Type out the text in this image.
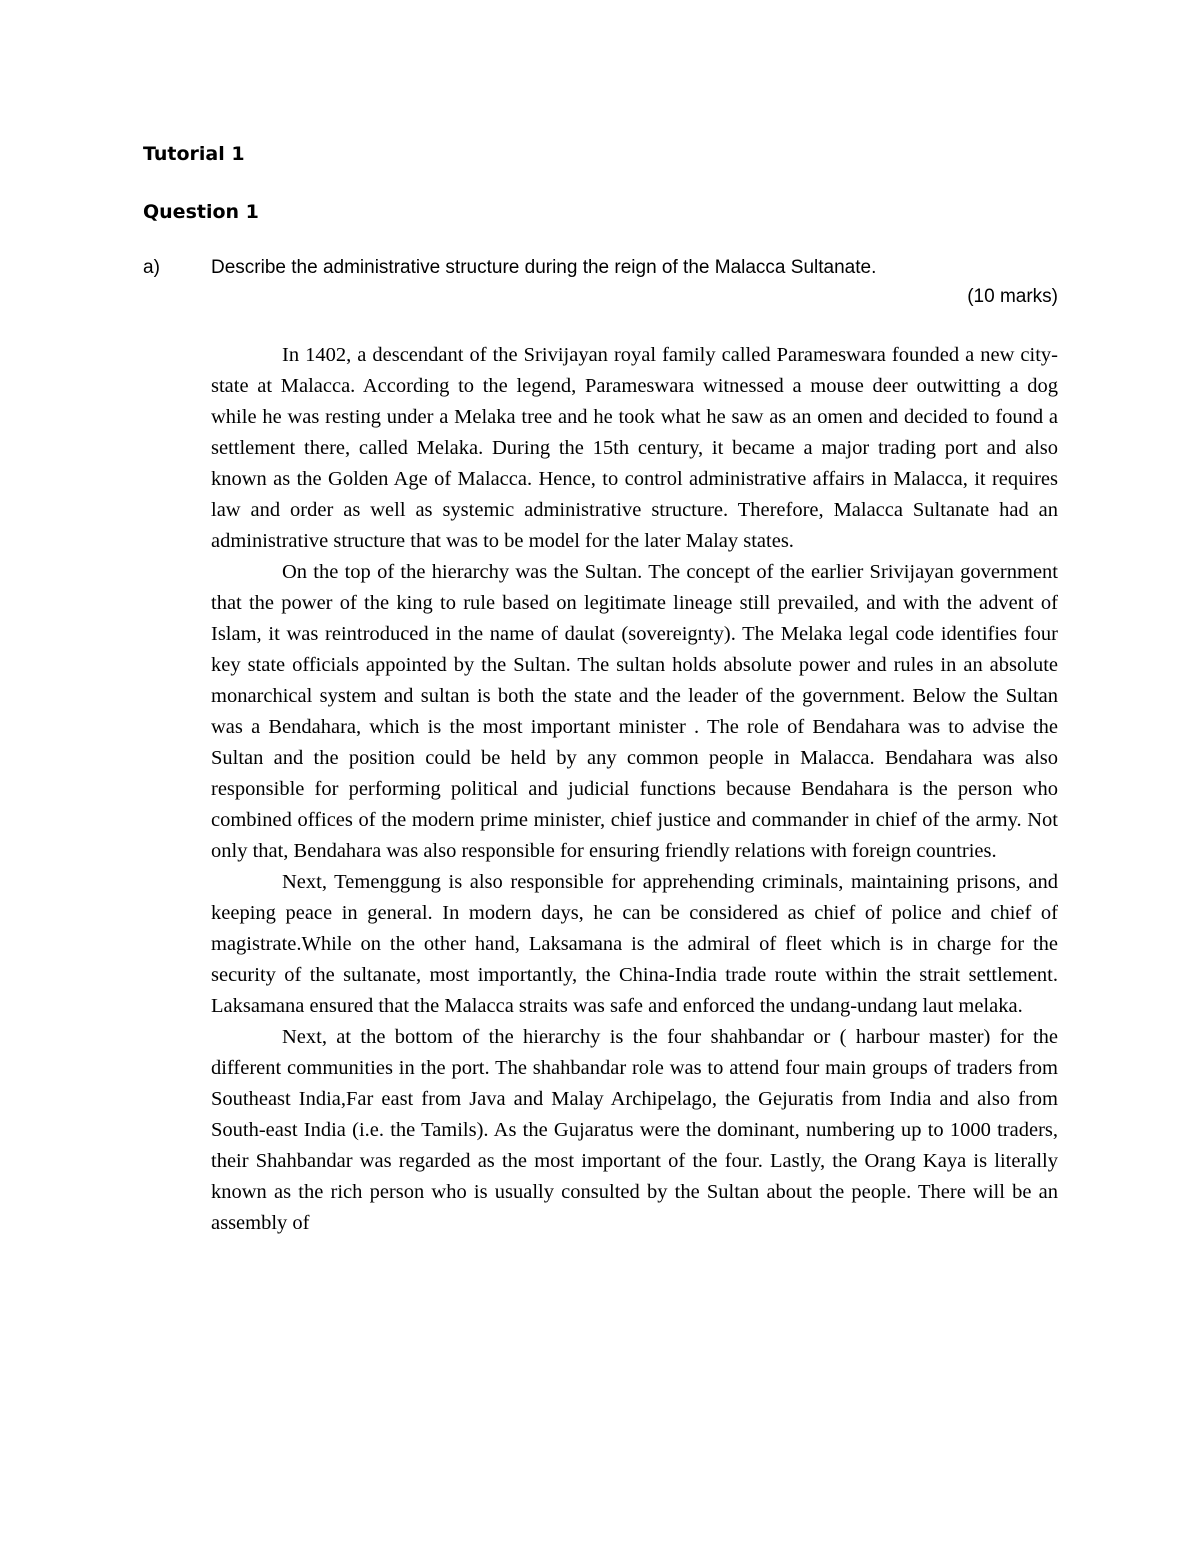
Tutorial 1
Question 1
a)	Describe the administrative structure during the reign of the Malacca Sultanate.
(10 marks)

In 1402, a descendant of the Srivijayan royal family called Parameswara founded a new city-state at Malacca. According to the legend, Parameswara witnessed a mouse deer outwitting a dog while he was resting under a Melaka tree and he took what he saw as an omen and decided to found a settlement there, called Melaka. During the 15th century, it became a major trading port and also known as the Golden Age of Malacca. Hence, to control administrative affairs in Malacca, it requires law and order as well as systemic administrative structure. Therefore, Malacca Sultanate had an administrative structure that was to be model for the later Malay states.

On the top of the hierarchy was the Sultan. The concept of the earlier Srivijayan government that the power of the king to rule based on legitimate lineage still prevailed, and with the advent of Islam, it was reintroduced in the name of daulat (sovereignty). The Melaka legal code identifies four key state officials appointed by the Sultan. The sultan holds absolute power and rules in an absolute monarchical system and sultan is both the state and the leader of the government. Below the Sultan was a Bendahara, which is the most important minister . The role of Bendahara was to advise the Sultan and the position could be held by any common people in Malacca. Bendahara was also responsible for performing political and judicial functions because Bendahara is the person who combined offices of the modern prime minister, chief justice and commander in chief of the army. Not only that, Bendahara was also responsible for ensuring friendly relations with foreign countries.

Next, Temenggung is also responsible for apprehending criminals, maintaining prisons, and keeping peace in general. In modern days, he can be considered as chief of police and chief of magistrate.While on the other hand, Laksamana is the admiral of fleet which is in charge for the security of the sultanate, most importantly, the China-India trade route within the strait settlement. Laksamana ensured that the Malacca straits was safe and enforced the undang-undang laut melaka.

Next, at the bottom of the hierarchy is the four shahbandar or ( harbour master) for the different communities in the port. The shahbandar role was to attend four main groups of traders from Southeast India,Far east from Java and Malay Archipelago, the Gejuratis from India and also from South-east India (i.e. the Tamils). As the Gujaratus were the dominant, numbering up to 1000 traders, their Shahbandar was regarded as the most important of the four. Lastly, the Orang Kaya is literally known as the rich person who is usually consulted by the Sultan about the people. There will be an assembly of
